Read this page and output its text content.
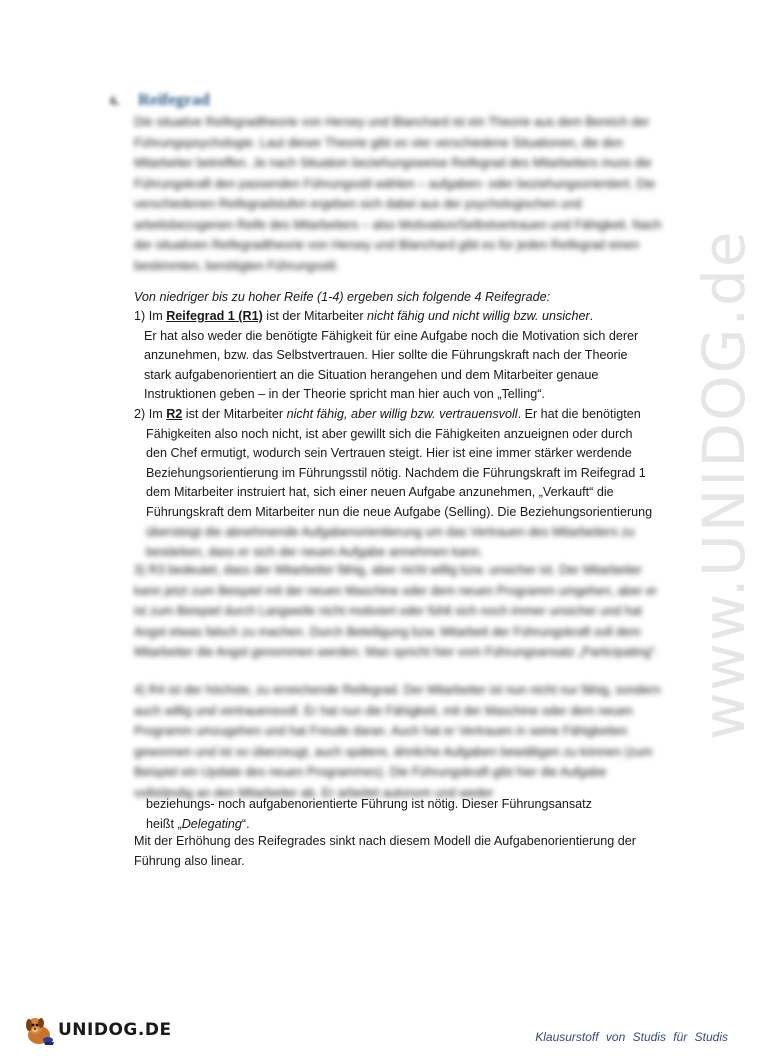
www.UNIDOG.de
6. Reifegrad
Die situative Reifegradtheorie von Hersey und Blanchard ist ein Theorie aus dem Bereich der Führungspsychologie. Laut dieser Theorie gibt es vier verschiedene Situationen, die den Mitarbeiter betreffen. Je nach Situation beziehungsweise Reifegrad des Mitarbeiters muss die Führungskraft den passenden Führungsstil wählen – aufgaben- oder beziehungsorientiert. Die verschiedenen Reifegradstufen ergeben sich dabei aus der psychologischen und arbeitsbezogenen Reife des Mitarbeiters – also Motivation/Selbstvertrauen und Fähigkeit. Nach der situativen Reifegradtheorie von Hersey und Blanchard gibt es für jeden Reifegrad einen bestimmten, benötigten Führungsstil.
Von niedriger bis zu hoher Reife (1-4) ergeben sich folgende 4 Reifegrade:
1) Im Reifegrad 1 (R1) ist der Mitarbeiter nicht fähig und nicht willig bzw. unsicher.
Er hat also weder die benötigte Fähigkeit für eine Aufgabe noch die Motivation sich derer
anzunehmen, bzw. das Selbstvertrauen. Hier sollte die Führungskraft nach der Theorie
stark aufgabenorientiert an die Situation herangehen und dem Mitarbeiter genaue
Instruktionen geben – in der Theorie spricht man hier auch von „Telling“.
2) Im R2 ist der Mitarbeiter nicht fähig, aber willig bzw. vertrauensvoll. Er hat die benötigten
Fähigkeiten also noch nicht, ist aber gewillt sich die Fähigkeiten anzueignen oder durch
den Chef ermutigt, wodurch sein Vertrauen steigt. Hier ist eine immer stärker werdende
Beziehungsorientierung im Führungsstil nötig. Nachdem die Führungskraft im Reifegrad 1
dem Mitarbeiter instruiert hat, sich einer neuen Aufgabe anzunehmen, „Verkauft“ die
Führungskraft dem Mitarbeiter nun die neue Aufgabe (Selling). Die Beziehungsorientierung
übersteigt die abnehmende Aufgabenorientierung um das Vertrauen des Mitarbeiters zu bestärken, dass er sich der neuen Aufgabe annehmen kann.
3) R3 bedeutet, dass der Mitarbeiter fähig, aber nicht willig bzw. unsicher ist. Der Mitarbeiter kann jetzt zum Beispiel mit der neuen Maschine oder dem neuen Programm umgehen, aber er ist zum Beispiel durch Langweile nicht motiviert oder fühlt sich noch immer unsicher und hat Angst etwas falsch zu machen. Durch Beteiligung bzw. Mitarbeit der Führungskraft soll dem Mitarbeiter die Angst genommen werden. Man spricht hier vom Führungsansatz „Participating“.
4) R4 ist der höchste, zu erreichende Reifegrad. Der Mitarbeiter ist nun nicht nur fähig, sondern auch willig und vertrauensvoll. Er hat nun die Fähigkeit, mit der Maschine oder dem neuen Programm umzugehen und hat Freude daran. Auch hat er Vertrauen in seine Fähigkeiten gewonnen und ist so überzeugt, auch spätere, ähnliche Aufgaben bewältigen zu können (zum Beispiel ein Update des neuen Programmes). Die Führungskraft gibt hier die Aufgabe vollständig an den Mitarbeiter ab. Er arbeitet autonom und weder
beziehungs- noch aufgabenorientierte Führung ist nötig. Dieser Führungsansatz
heißt „Delegating“.
Mit der Erhöhung des Reifegrades sinkt nach diesem Modell die Aufgabenorientierung der
Führung also linear.
UNIDOG.DE	Klausurstoff von Studis für Studis
